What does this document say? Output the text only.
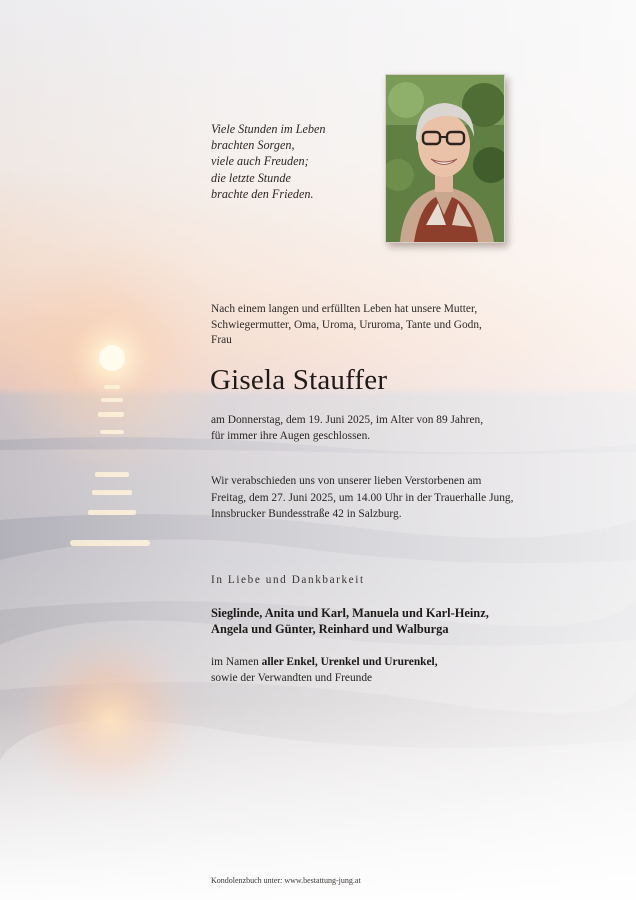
Viele Stunden im Leben
brachten Sorgen,
viele auch Freuden;
die letzte Stunde
brachte den Frieden.
Nach einem langen und erfüllten Leben hat unsere Mutter,
Schwiegermutter, Oma, Uroma, Ururoma, Tante und Godn,
Frau
Gisela Stauffer
am Donnerstag, dem 19. Juni 2025, im Alter von 89 Jahren,
für immer ihre Augen geschlossen.
Wir verabschieden uns von unserer lieben Verstorbenen am
Freitag, dem 27. Juni 2025, um 14.00 Uhr in der Trauerhalle Jung,
Innsbrucker Bundesstraße 42 in Salzburg.
In Liebe und Dankbarkeit
Sieglinde, Anita und Karl, Manuela und Karl-Heinz,
Angela und Günter, Reinhard und Walburga
im Namen aller Enkel, Urenkel und Ururenkel,
sowie der Verwandten und Freunde
Kondolenzbuch unter: www.bestattung-jung.at
